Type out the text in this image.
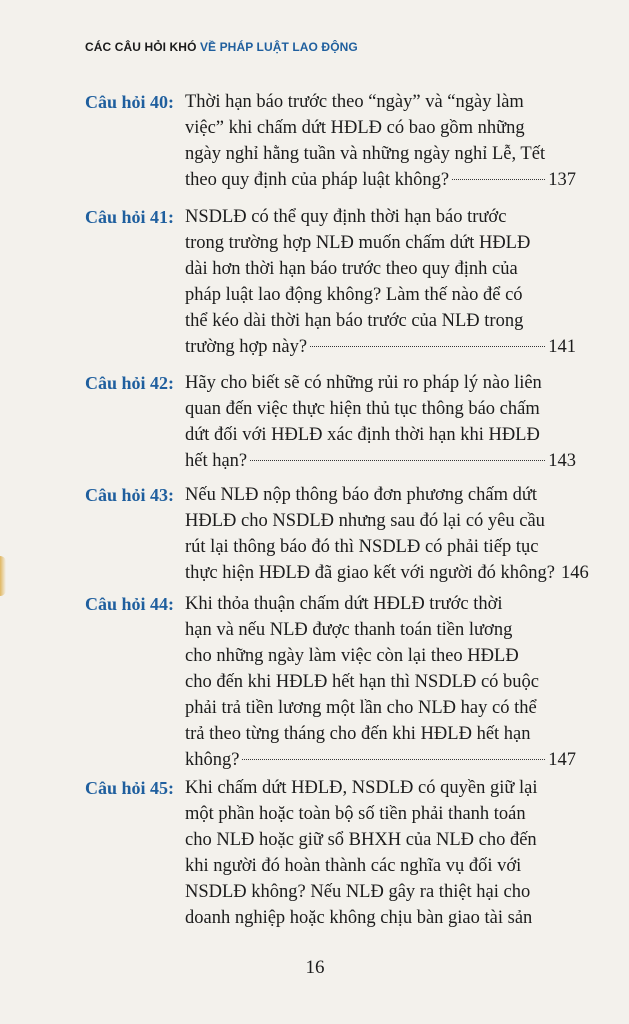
CÁC CÂU HỎI KHÓ VỀ PHÁP LUẬT LAO ĐỘNG
Câu hỏi 40: Thời hạn báo trước theo “ngày” và “ngày làm
việc” khi chấm dứt HĐLĐ có bao gồm những
ngày nghỉ hằng tuần và những ngày nghỉ Lễ, Tết
theo quy định của pháp luật không?	137
Câu hỏi 41: NSDLĐ có thể quy định thời hạn báo trước
trong trường hợp NLĐ muốn chấm dứt HĐLĐ
dài hơn thời hạn báo trước theo quy định của
pháp luật lao động không? Làm thế nào để có
thể kéo dài thời hạn báo trước của NLĐ trong
trường hợp này?	141
Câu hỏi 42: Hãy cho biết sẽ có những rủi ro pháp lý nào liên
quan đến việc thực hiện thủ tục thông báo chấm
dứt đối với HĐLĐ xác định thời hạn khi HĐLĐ
hết hạn?	143
Câu hỏi 43: Nếu NLĐ nộp thông báo đơn phương chấm dứt
HĐLĐ cho NSDLĐ nhưng sau đó lại có yêu cầu
rút lại thông báo đó thì NSDLĐ có phải tiếp tục
thực hiện HĐLĐ đã giao kết với người đó không? 146
Câu hỏi 44: Khi thỏa thuận chấm dứt HĐLĐ trước thời
hạn và nếu NLĐ được thanh toán tiền lương
cho những ngày làm việc còn lại theo HĐLĐ
cho đến khi HĐLĐ hết hạn thì NSDLĐ có buộc
phải trả tiền lương một lần cho NLĐ hay có thể
trả theo từng tháng cho đến khi HĐLĐ hết hạn
không?	147
Câu hỏi 45: Khi chấm dứt HĐLĐ, NSDLĐ có quyền giữ lại
một phần hoặc toàn bộ số tiền phải thanh toán
cho NLĐ hoặc giữ sổ BHXH của NLĐ cho đến
khi người đó hoàn thành các nghĩa vụ đối với
NSDLĐ không? Nếu NLĐ gây ra thiệt hại cho
doanh nghiệp hoặc không chịu bàn giao tài sản
16
